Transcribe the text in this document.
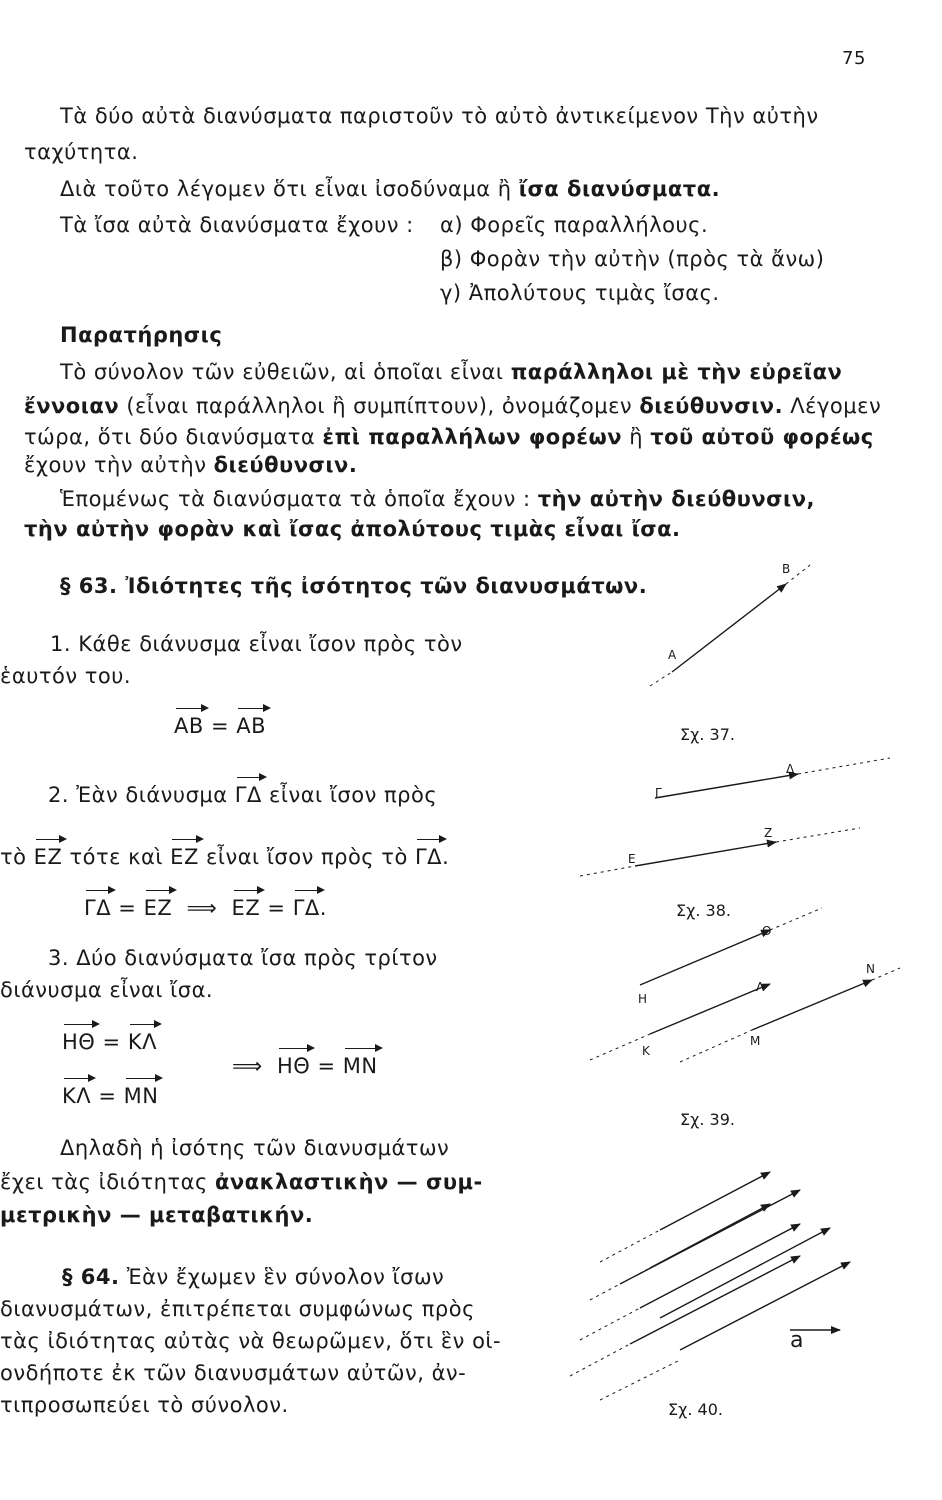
75
Τὰ δύο αὐτὰ διανύσματα παριστοῦν τὸ αὐτὸ ἀντικείμενον Τὴν αὐτὴν
ταχύτητα.
Διὰ τοῦτο λέγομεν ὅτι εἶναι ἰσοδύναμα ἢ ἴσα διανύσματα.
Τὰ ἴσα αὐτὰ διανύσματα ἔχουν : α) Φορεῖς παραλλήλους.
β) Φορὰν τὴν αὐτὴν (πρὸς τὰ ἄνω)
γ) Ἀπολύτους τιμὰς ἴσας.
Παρατήρησις
Τὸ σύνολον τῶν εὐθειῶν, αἱ ὁποῖαι εἶναι παράλληλοι μὲ τὴν εὐρεῖαν
ἔννοιαν (εἶναι παράλληλοι ἢ συμπίπτουν), ὀνομάζομεν διεύθυνσιν. Λέγομεν
τώρα, ὅτι δύο διανύσματα ἐπὶ παραλλήλων φορέων ἢ τοῦ αὐτοῦ φορέως
ἔχουν τὴν αὐτὴν διεύθυνσιν.
Ἑπομένως τὰ διανύσματα τὰ ὁποῖα ἔχουν : τὴν αὐτὴν διεύθυνσιν,
τὴν αὐτὴν φορὰν καὶ ἴσας ἀπολύτους τιμὰς εἶναι ἴσα.
§ 63. Ἰδιότητες τῆς ἰσότητος τῶν διανυσμάτων.
1. Κάθε διάνυσμα εἶναι ἴσον πρὸς τὸν
ἑαυτόν του.
AB = AB
2. Ἐὰν διάνυσμα ΓΔ εἶναι ἴσον πρὸς
τὸ ΕΖ τότε καὶ ΕΖ εἶναι ἴσον πρὸς τὸ ΓΔ.
ΓΔ = ΕΖ ⟹ ΕΖ = ΓΔ.
3. Δύο διανύσματα ἴσα πρὸς τρίτον
διάνυσμα εἶναι ἴσα.
ΗΘ = ΚΛ
ΚΛ = ΜΝ
⟹ ΗΘ = ΜΝ
Δηλαδὴ ἡ ἰσότης τῶν διανυσμάτων
ἔχει τὰς ἰδιότητας ἀνακλαστικὴν — συμ-
μετρικὴν — μεταβατικήν.
§ 64. Ἐὰν ἔχωμεν ἓν σύνολον ἴσων
διανυσμάτων, ἐπιτρέπεται συμφώνως πρὸς
τὰς ἰδιότητας αὐτὰς νὰ θεωρῶμεν, ὅτι ἓν οἱ-
ονδήποτε ἐκ τῶν διανυσμάτων αὐτῶν, ἀν-
τιπροσωπεύει τὸ σύνολον.
B
A
Σχ. 37.
Δ
Γ
Ζ
Ε
Σχ. 38.
Θ
Η
Λ
Κ
Μ
Ν
Σχ. 39.
a
Σχ. 40.
